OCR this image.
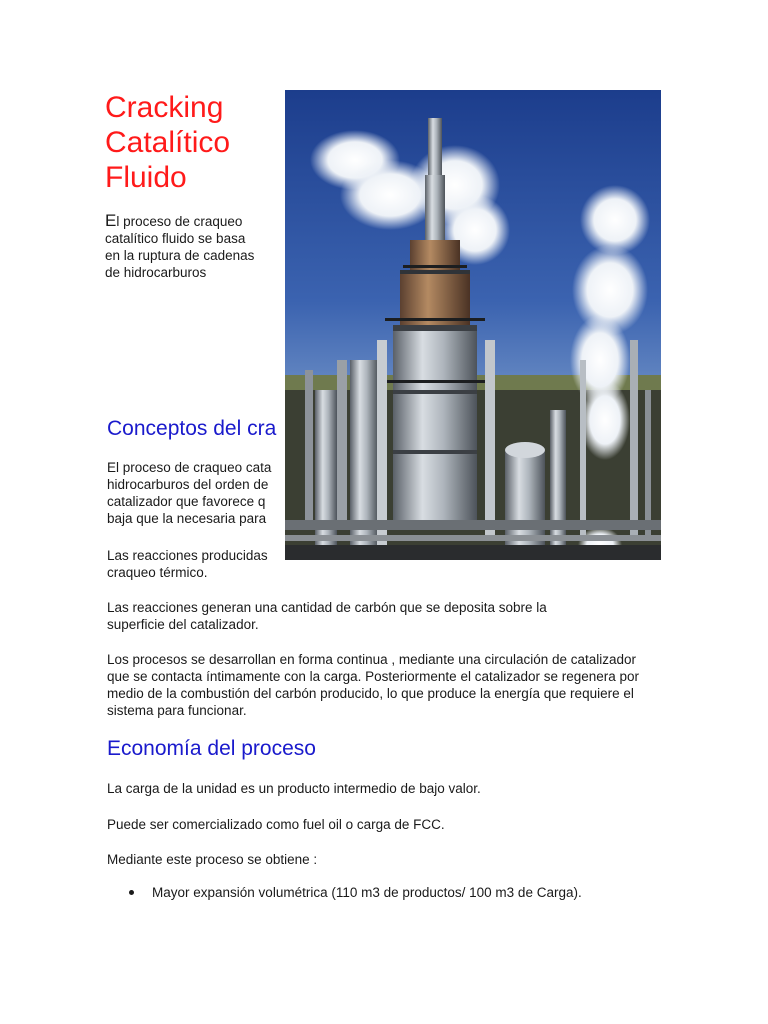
Cracking
Catalítico
Fluido

El proceso de craqueo
catalítico fluido se basa
en la ruptura de cadenas
de hidrocarburos

Conceptos del cra

El proceso de craqueo cata
hidrocarburos del orden de
catalizador que favorece q
baja que la necesaria para

Las reacciones producidas
craqueo térmico.

Las reacciones generan una cantidad de carbón que se deposita sobre la superficie del catalizador.

Los procesos se desarrollan en forma continua , mediante una circulación de catalizador que se contacta íntimamente con la carga. Posteriormente el catalizador se regenera por medio de la combustión del carbón producido, lo que produce la energía que requiere el sistema para funcionar.

Economía del proceso

La carga de la unidad es un producto intermedio de bajo valor.

Puede ser comercializado como fuel oil o carga de FCC.

Mediante este proceso se obtiene :

Mayor expansión volumétrica (110 m3 de productos/ 100 m3 de Carga).
